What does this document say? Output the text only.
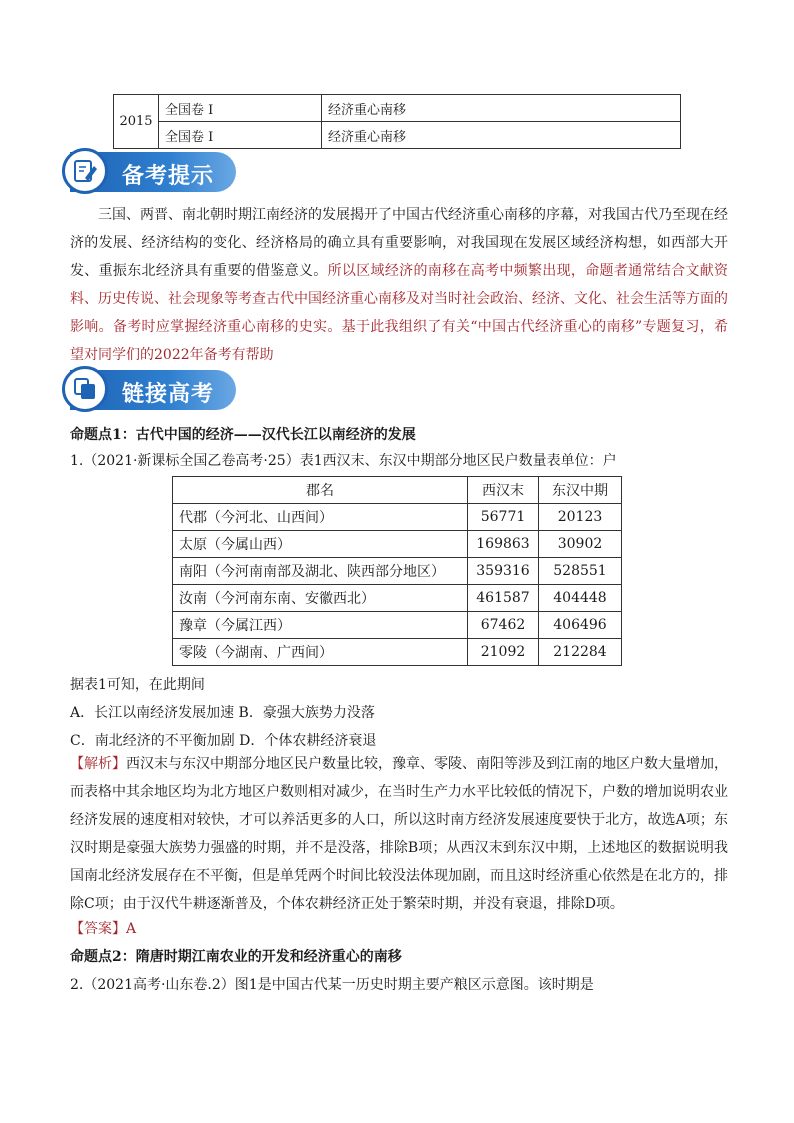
2015	全国卷 I	经济重心南移
	全国卷 I	经济重心南移
备考提示
三国、两晋、南北朝时期江南经济的发展揭开了中国古代经济重心南移的序幕，对我国古代乃至现在经济的发展、经济结构的变化、经济格局的确立具有重要影响，对我国现在发展区域经济构想，如西部大开发、重振东北经济具有重要的借鉴意义。所以区域经济的南移在高考中频繁出现，命题者通常结合文献资料、历史传说、社会现象等考查古代中国经济重心南移及对当时社会政治、经济、文化、社会生活等方面的影响。备考时应掌握经济重心南移的史实。基于此我组织了有关“中国古代经济重心的南移”专题复习，希望对同学们的2022年备考有帮助
链接高考
命题点1：古代中国的经济——汉代长江以南经济的发展
1.（2021·新课标全国乙卷高考·25）表1西汉末、东汉中期部分地区民户数量表单位：户
郡名	西汉末	东汉中期
代郡（今河北、山西间）	56771	20123
太原（今属山西）	169863	30902
南阳（今河南南部及湖北、陕西部分地区）	359316	528551
汝南（今河南东南、安徽西北）	461587	404448
豫章（今属江西）	67462	406496
零陵（今湖南、广西间）	21092	212284
据表1可知，在此期间
A．长江以南经济发展加速 B．豪强大族势力没落
C．南北经济的不平衡加剧 D．个体农耕经济衰退
【解析】西汉末与东汉中期部分地区民户数量比较，豫章、零陵、南阳等涉及到江南的地区户数大量增加，而表格中其余地区均为北方地区户数则相对减少，在当时生产力水平比较低的情况下，户数的增加说明农业经济发展的速度相对较快，才可以养活更多的人口，所以这时南方经济发展速度要快于北方，故选A项；东汉时期是豪强大族势力强盛的时期，并不是没落，排除B项；从西汉末到东汉中期，上述地区的数据说明我国南北经济发展存在不平衡，但是单凭两个时间比较没法体现加剧，而且这时经济重心依然是在北方的，排除C项；由于汉代牛耕逐渐普及，个体农耕经济正处于繁荣时期，并没有衰退，排除D项。
【答案】A
命题点2：隋唐时期江南农业的开发和经济重心的南移
2.（2021高考·山东卷.2）图1是中国古代某一历史时期主要产粮区示意图。该时期是
